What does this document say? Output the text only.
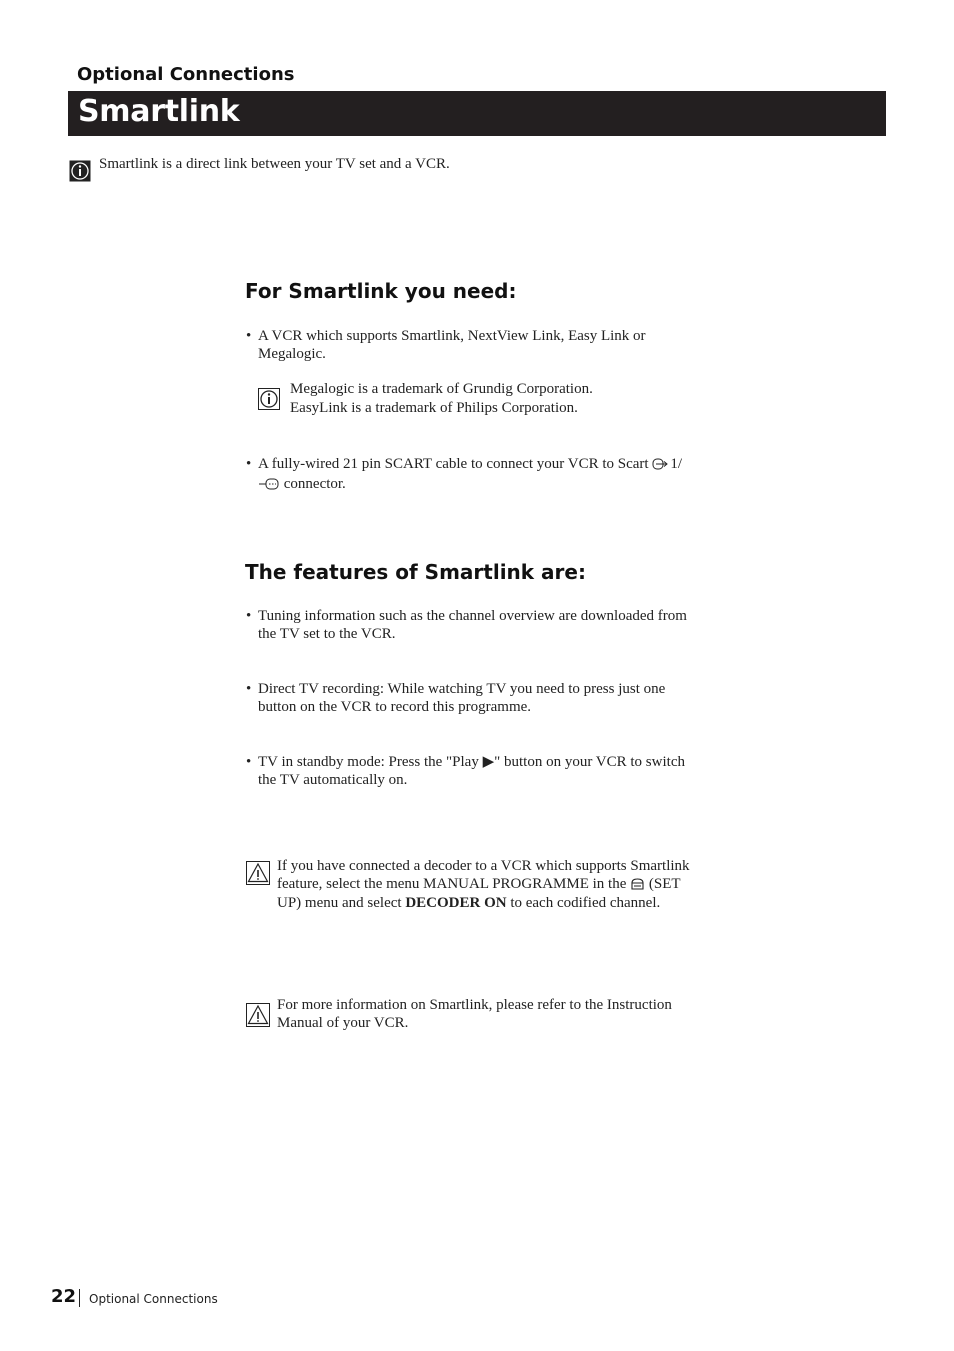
Optional Connections
Smartlink
Smartlink is a direct link between your TV set and a VCR.
For Smartlink you need:
• A VCR which supports Smartlink, NextView Link, Easy Link or Megalogic.
Megalogic is a trademark of Grundig Corporation.
EasyLink is a trademark of Philips Corporation.
• A fully-wired 21 pin SCART cable to connect your VCR to Scart 1/ connector.
The features of Smartlink are:
• Tuning information such as the channel overview are downloaded from the TV set to the VCR.
• Direct TV recording: While watching TV you need to press just one button on the VCR to record this programme.
• TV in standby mode: Press the "Play ▶" button on your VCR to switch the TV automatically on.
If you have connected a decoder to a VCR which supports Smartlink feature, select the menu MANUAL PROGRAMME in the (SET UP) menu and select DECODER ON to each codified channel.
For more information on Smartlink, please refer to the Instruction Manual of your VCR.
22 Optional Connections
